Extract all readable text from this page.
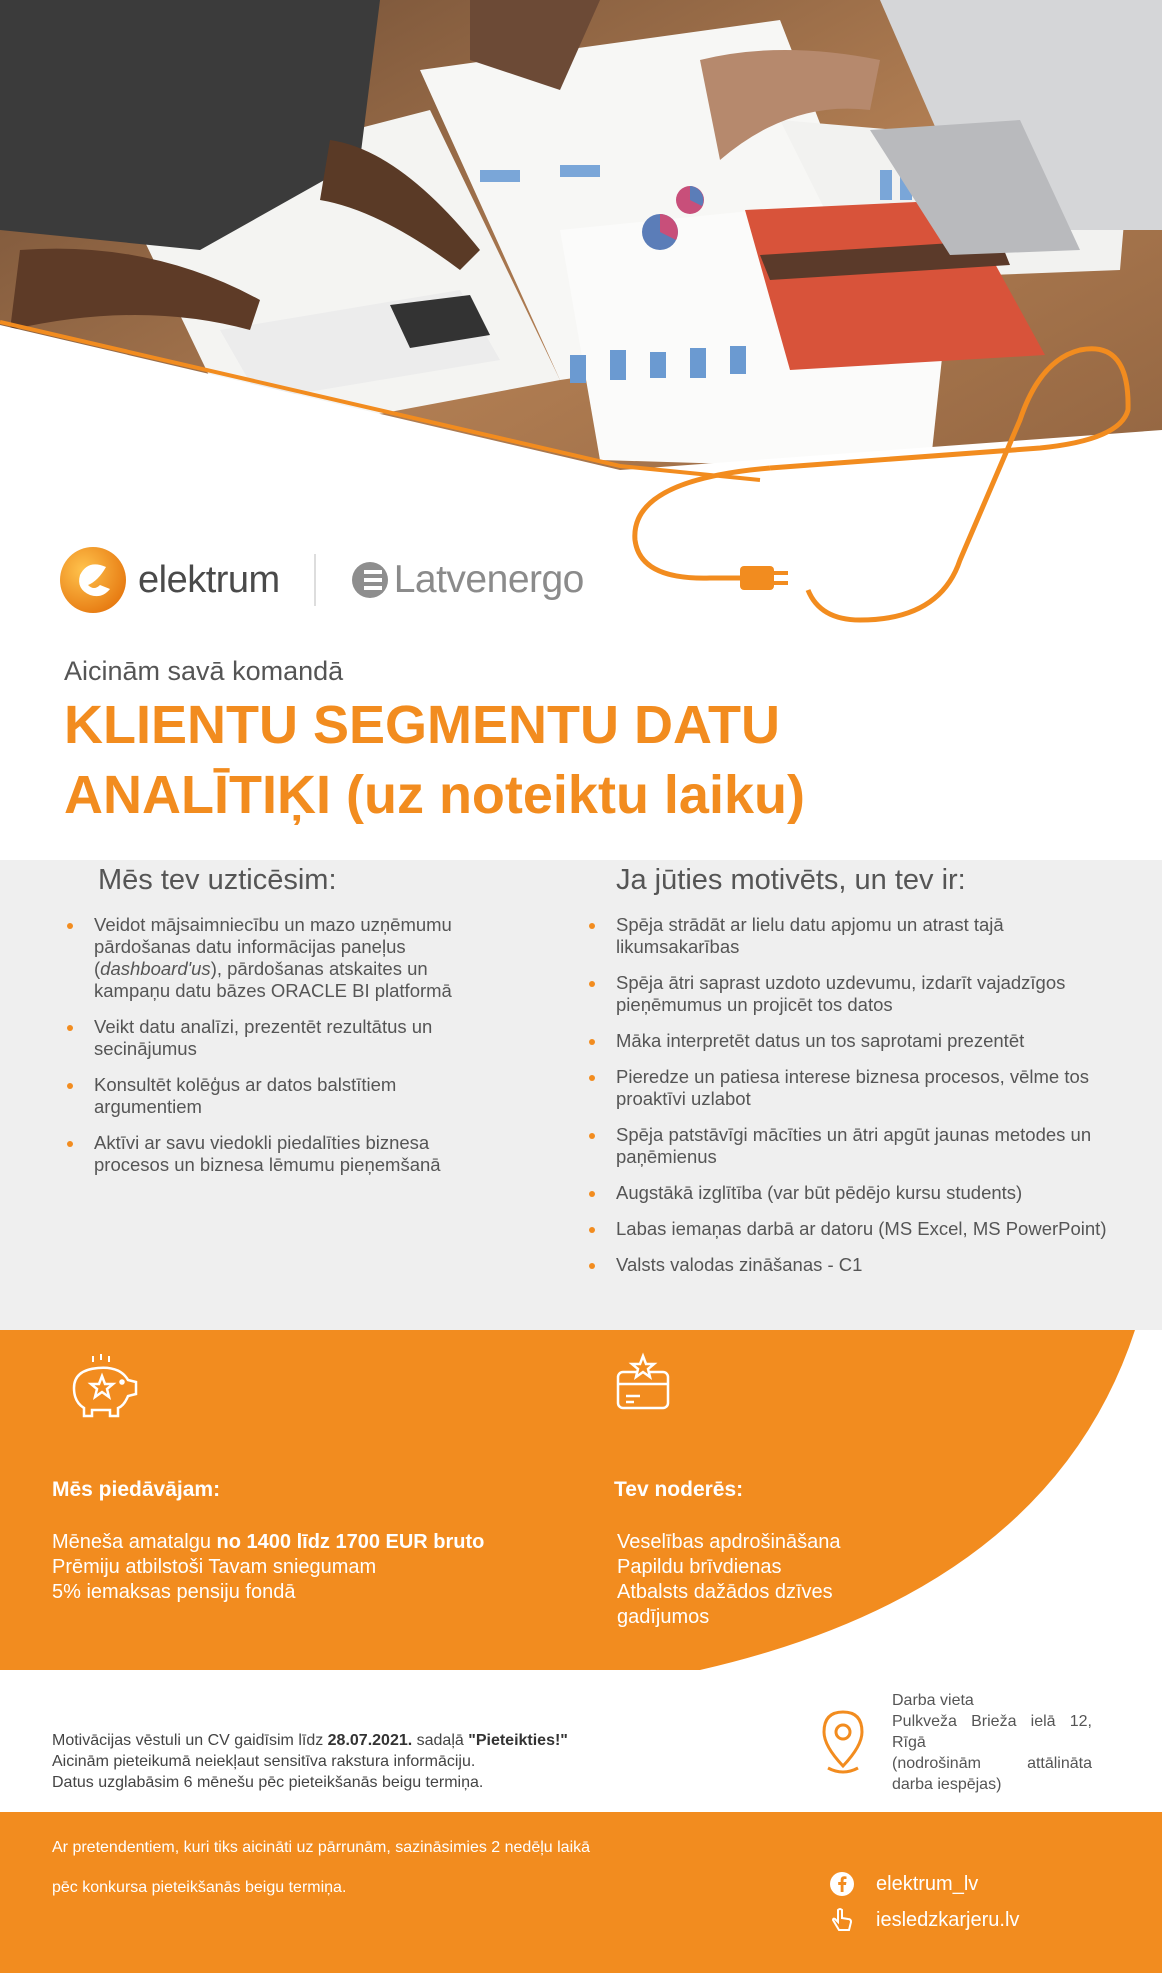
elektrum	Latvenergo
Aicinām savā komandā
KLIENTU SEGMENTU DATU
ANALĪTIĶI (uz noteiktu laiku)
Mēs tev uzticēsim:	Ja jūties motivēts, un tev ir:
Veidot mājsaimniecību un mazo uzņēmumu pārdošanas datu informācijas paneļus (dashboard'us), pārdošanas atskaites un kampaņu datu bāzes ORACLE BI platformā
Veikt datu analīzi, prezentēt rezultātus un secinājumus
Konsultēt kolēģus ar datos balstītiem argumentiem
Aktīvi ar savu viedokli piedalīties biznesa procesos un biznesa lēmumu pieņemšanā
Spēja strādāt ar lielu datu apjomu un atrast tajā likumsakarības
Spēja ātri saprast uzdoto uzdevumu, izdarīt vajadzīgos pieņēmumus un projicēt tos datos
Māka interpretēt datus un tos saprotami prezentēt
Pieredze un patiesa interese biznesa procesos, vēlme tos proaktīvi uzlabot
Spēja patstāvīgi mācīties un ātri apgūt jaunas metodes un paņēmienus
Augstākā izglītība (var būt pēdējo kursu students)
Labas iemaņas darbā ar datoru (MS Excel, MS PowerPoint)
Valsts valodas zināšanas - C1
Mēs piedāvājam:	Tev noderēs:
Mēneša amatalgu no 1400 līdz 1700 EUR bruto
Prēmiju atbilstoši Tavam sniegumam
5% iemaksas pensiju fondā
Veselības apdrošināšana
Papildu brīvdienas
Atbalsts dažādos dzīves gadījumos
Motivācijas vēstuli un CV gaidīsim līdz 28.07.2021. sadaļā "Pieteikties!"
Aicinām pieteikumā neiekļaut sensitīva rakstura informāciju.
Datus uzglabāsim 6 mēnešu pēc pieteikšanās beigu termiņa.
Darba vieta
Pulkveža Brieža ielā 12, Rīgā
(nodrošinām attālināta darba iespējas)
Ar pretendentiem, kuri tiks aicināti uz pārrunām, sazināsimies 2 nedēļu laikā
pēc konkursa pieteikšanās beigu termiņa.	elektrum_lv
iesledzkarjeru.lv
